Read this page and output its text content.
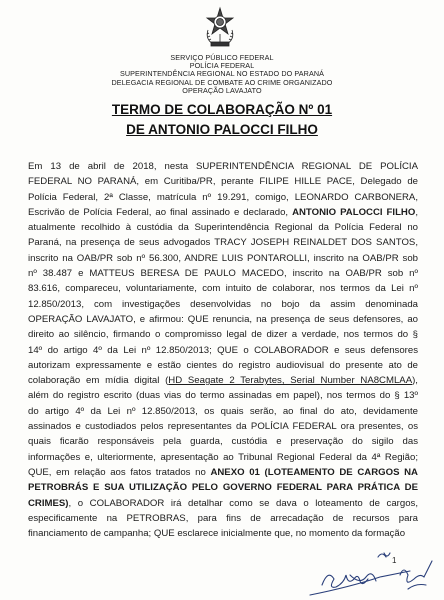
SERVIÇO PÚBLICO FEDERAL
POLÍCIA FEDERAL
SUPERINTENDÊNCIA REGIONAL NO ESTADO DO PARANÁ
DELEGACIA REGIONAL DE COMBATE AO CRIME ORGANIZADO
OPERAÇÃO LAVAJATO
TERMO DE COLABORAÇÃO Nº 01
DE ANTONIO PALOCCI FILHO
Em 13 de abril de 2018, nesta SUPERINTENDÊNCIA REGIONAL DE POLÍCIA
FEDERAL NO PARANÁ, em Curitiba/PR, perante FILIPE HILLE PACE, Delegado de
Polícia Federal, 2ª Classe, matrícula nº 19.291, comigo, LEONARDO CARBONERA,
Escrivão de Polícia Federal, ao final assinado e declarado, ANTONIO PALOCCI FILHO,
atualmente recolhido à custódia da Superintendência Regional da Polícia Federal no
Paraná, na presença de seus advogados TRACY JOSEPH REINALDET DOS SANTOS,
inscrito na OAB/PR sob nº 56.300, ANDRE LUIS PONTAROLLI, inscrito na OAB/PR sob
nº 38.487 e MATTEUS BERESA DE PAULO MACEDO, inscrito na OAB/PR sob nº
83.616, compareceu, voluntariamente, com intuito de colaborar, nos termos da Lei nº
12.850/2013, com investigações desenvolvidas no bojo da assim denominada
OPERAÇÃO LAVAJATO, e afirmou: QUE renuncia, na presença de seus defensores, ao
direito ao silêncio, firmando o compromisso legal de dizer a verdade, nos termos do §
14º do artigo 4º da Lei nº 12.850/2013; QUE o COLABORADOR e seus defensores
autorizam expressamente e estão cientes do registro audiovisual do presente ato de
colaboração em mídia digital (HD Seagate 2 Terabytes, Serial Number NA8CMLAA),
além do registro escrito (duas vias do termo assinadas em papel), nos termos do § 13º
do artigo 4º da Lei nº 12.850/2013, os quais serão, ao final do ato, devidamente
assinados e custodiados pelos representantes da POLÍCIA FEDERAL ora presentes, os
quais ficarão responsáveis pela guarda, custódia e preservação do sigilo das
informações e, ulteriormente, apresentação ao Tribunal Regional Federal da 4ª Região;
QUE, em relação aos fatos tratados no ANEXO 01 (LOTEAMENTO DE CARGOS NA
PETROBRÁS E SUA UTILIZAÇÃO PELO GOVERNO FEDERAL PARA PRÁTICA DE
CRIMES), o COLABORADOR irá detalhar como se dava o loteamento de cargos,
especificamente na PETROBRAS, para fins de arrecadação de recursos para
financiamento de campanha; QUE esclarece inicialmente que, no momento da formação
1
